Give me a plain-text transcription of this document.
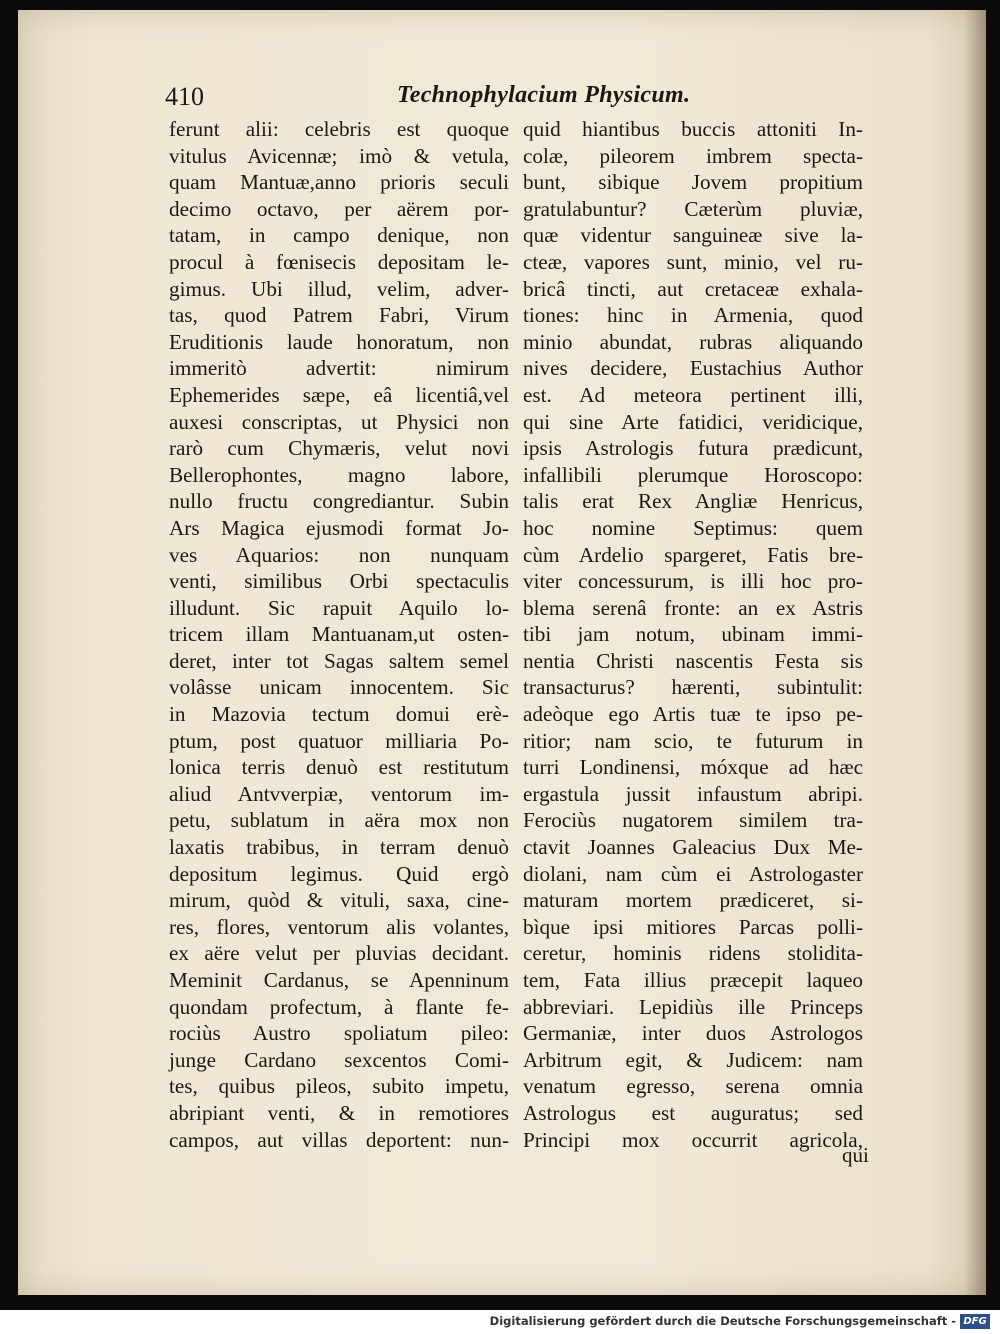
410	Technophylacium Physicum.
ferunt alii: celebris est quoque
vitulus Avicennæ; imò & vetula,
quam Mantuæ,anno prioris seculi
decimo octavo, per aërem por-
tatam, in campo denique, non
procul à fœnisecis depositam le-
gimus. Ubi illud, velim, adver-
tas, quod Patrem Fabri, Virum
Eruditionis laude honoratum, non
immeritò advertit: nimirum
Ephemerides sæpe, eâ licentiâ,vel
auxesi conscriptas, ut Physici non
rarò cum Chymæris, velut novi
Bellerophontes, magno labore,
nullo fructu congrediantur. Subin
Ars Magica ejusmodi format Jo-
ves Aquarios: non nunquam
venti, similibus Orbi spectaculis
illudunt. Sic rapuit Aquilo lo-
tricem illam Mantuanam,ut osten-
deret, inter tot Sagas saltem semel
volâsse unicam innocentem. Sic
in Mazovia tectum domui erè-
ptum, post quatuor milliaria Po-
lonica terris denuò est restitutum
aliud Antvverpiæ, ventorum im-
petu, sublatum in aëra mox non
laxatis trabibus, in terram denuò
depositum legimus. Quid ergò
mirum, quòd & vituli, saxa, cine-
res, flores, ventorum alis volantes,
ex aëre velut per pluvias decidant.
Meminit Cardanus, se Apenninum
quondam profectum, à flante fe-
rociùs Austro spoliatum pileo:
junge Cardano sexcentos Comi-
tes, quibus pileos, subito impetu,
abripiant venti, & in remotiores
campos, aut villas deportent: nun-
quid hiantibus buccis attoniti In-
colæ, pileorem imbrem specta-
bunt, sibique Jovem propitium
gratulabuntur? Cæterùm pluviæ,
quæ videntur sanguineæ sive la-
cteæ, vapores sunt, minio, vel ru-
bricâ tincti, aut cretaceæ exhala-
tiones: hinc in Armenia, quod
minio abundat, rubras aliquando
nives decidere, Eustachius Author
est. Ad meteora pertinent illi,
qui sine Arte fatidici, veridicique,
ipsis Astrologis futura prædicunt,
infallibili plerumque Horoscopo:
talis erat Rex Angliæ Henricus,
hoc nomine Septimus: quem
cùm Ardelio spargeret, Fatis bre-
viter concessurum, is illi hoc pro-
blema serenâ fronte: an ex Astris
tibi jam notum, ubinam immi-
nentia Christi nascentis Festa sis
transacturus? hærenti, subintulit:
adeòque ego Artis tuæ te ipso pe-
ritior; nam scio, te futurum in
turri Londinensi, móxque ad hæc
ergastula jussit infaustum abripi.
Ferociùs nugatorem similem tra-
ctavit Joannes Galeacius Dux Me-
diolani, nam cùm ei Astrologaster
maturam mortem prædiceret, si-
bìque ipsi mitiores Parcas polli-
ceretur, hominis ridens stolidita-
tem, Fata illius præcepit laqueo
abbreviari. Lepidiùs ille Princeps
Germaniæ, inter duos Astrologos
Arbitrum egit, & Judicem: nam
venatum egresso, serena omnia
Astrologus est auguratus; sed
Principi mox occurrit agricola,
qui
Digitalisierung gefördert durch die Deutsche Forschungsgemeinschaft - DFG
